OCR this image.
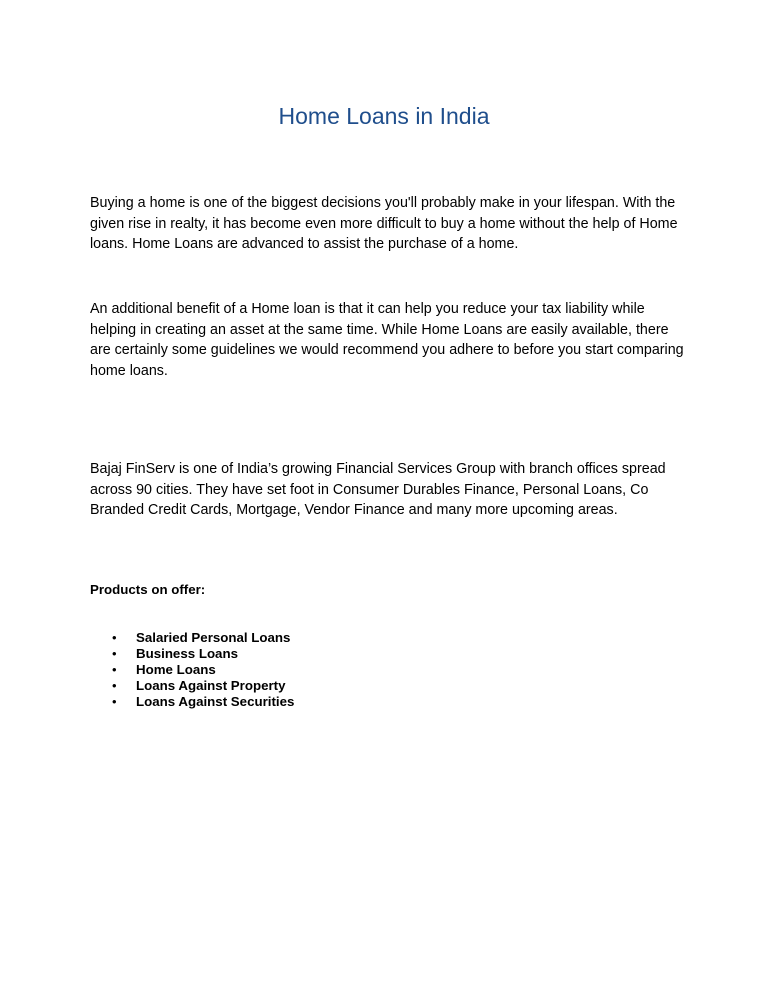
Home Loans in India

Buying a home is one of the biggest decisions you'll probably make in your lifespan. With the given rise in realty, it has become even more difficult to buy a home without the help of Home loans. Home Loans are advanced to assist the purchase of a home.

An additional benefit of a Home loan is that it can help you reduce your tax liability while helping in creating an asset at the same time. While Home Loans are easily available, there are certainly some guidelines we would recommend you adhere to before you start comparing home loans.

Bajaj FinServ is one of India’s growing Financial Services Group with branch offices spread across 90 cities. They have set foot in Consumer Durables Finance, Personal Loans, Co Branded Credit Cards, Mortgage, Vendor Finance and many more upcoming areas.

Products on offer:

• Salaried Personal Loans
• Business Loans
• Home Loans
• Loans Against Property
• Loans Against Securities
